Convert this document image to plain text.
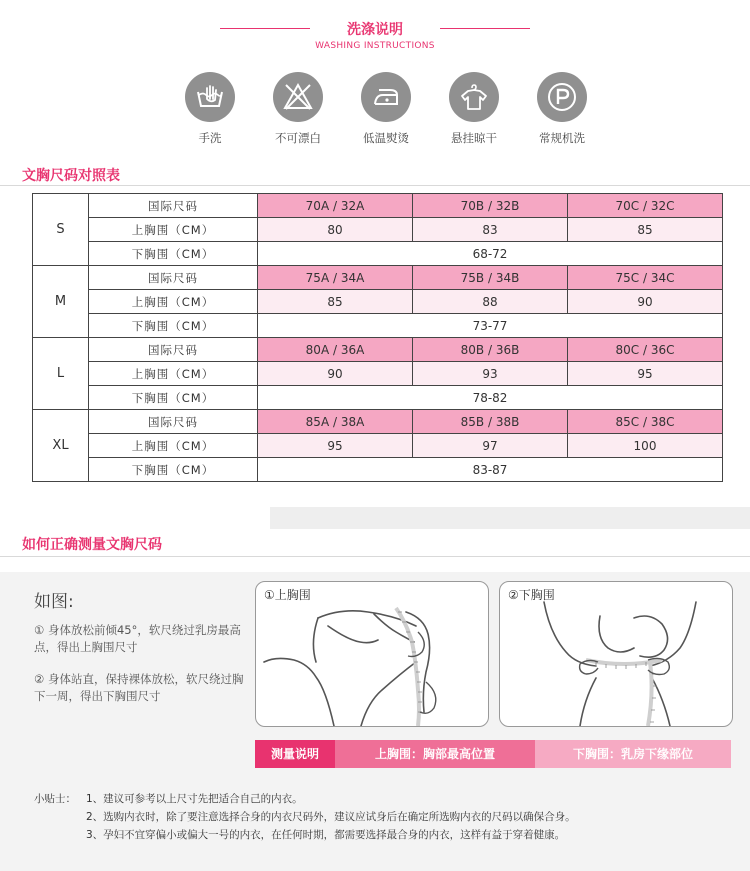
洗涤说明
WASHING INSTRUCTIONS
手洗	不可漂白	低温熨烫	悬挂晾干	常规机洗
文胸尺码对照表
S	国际尺码	70A / 32A	70B / 32B	70C / 32C
	上胸围（CM）	80	83	85
	下胸围（CM）	68-72		
M	国际尺码	75A / 34A	75B / 34B	75C / 34C
	上胸围（CM）	85	88	90
	下胸围（CM）	73-77		
L	国际尺码	80A / 36A	80B / 36B	80C / 36C
	上胸围（CM）	90	93	95
	下胸围（CM）	78-82		
XL	国际尺码	85A / 38A	85B / 38B	85C / 38C
	上胸围（CM）	95	97	100
	下胸围（CM）	83-87		
如何正确测量文胸尺码
如图:
① 身体放松前倾45°，软尺绕过乳房最高点，得出上胸围尺寸
② 身体站直，保持裸体放松，软尺绕过胸下一周，得出下胸围尺寸
①上胸围	②下胸围
测量说明	上胸围：胸部最高位置	下胸围：乳房下缘部位
小贴士： 1、建议可参考以上尺寸先把适合自己的内衣。
2、选购内衣时，除了要注意选择合身的内衣尺码外，建议应试身后在确定所选购内衣的尺码以确保合身。
3、孕妇不宜穿偏小或偏大一号的内衣，在任何时期，都需要选择最合身的内衣，这样有益于穿着健康。
